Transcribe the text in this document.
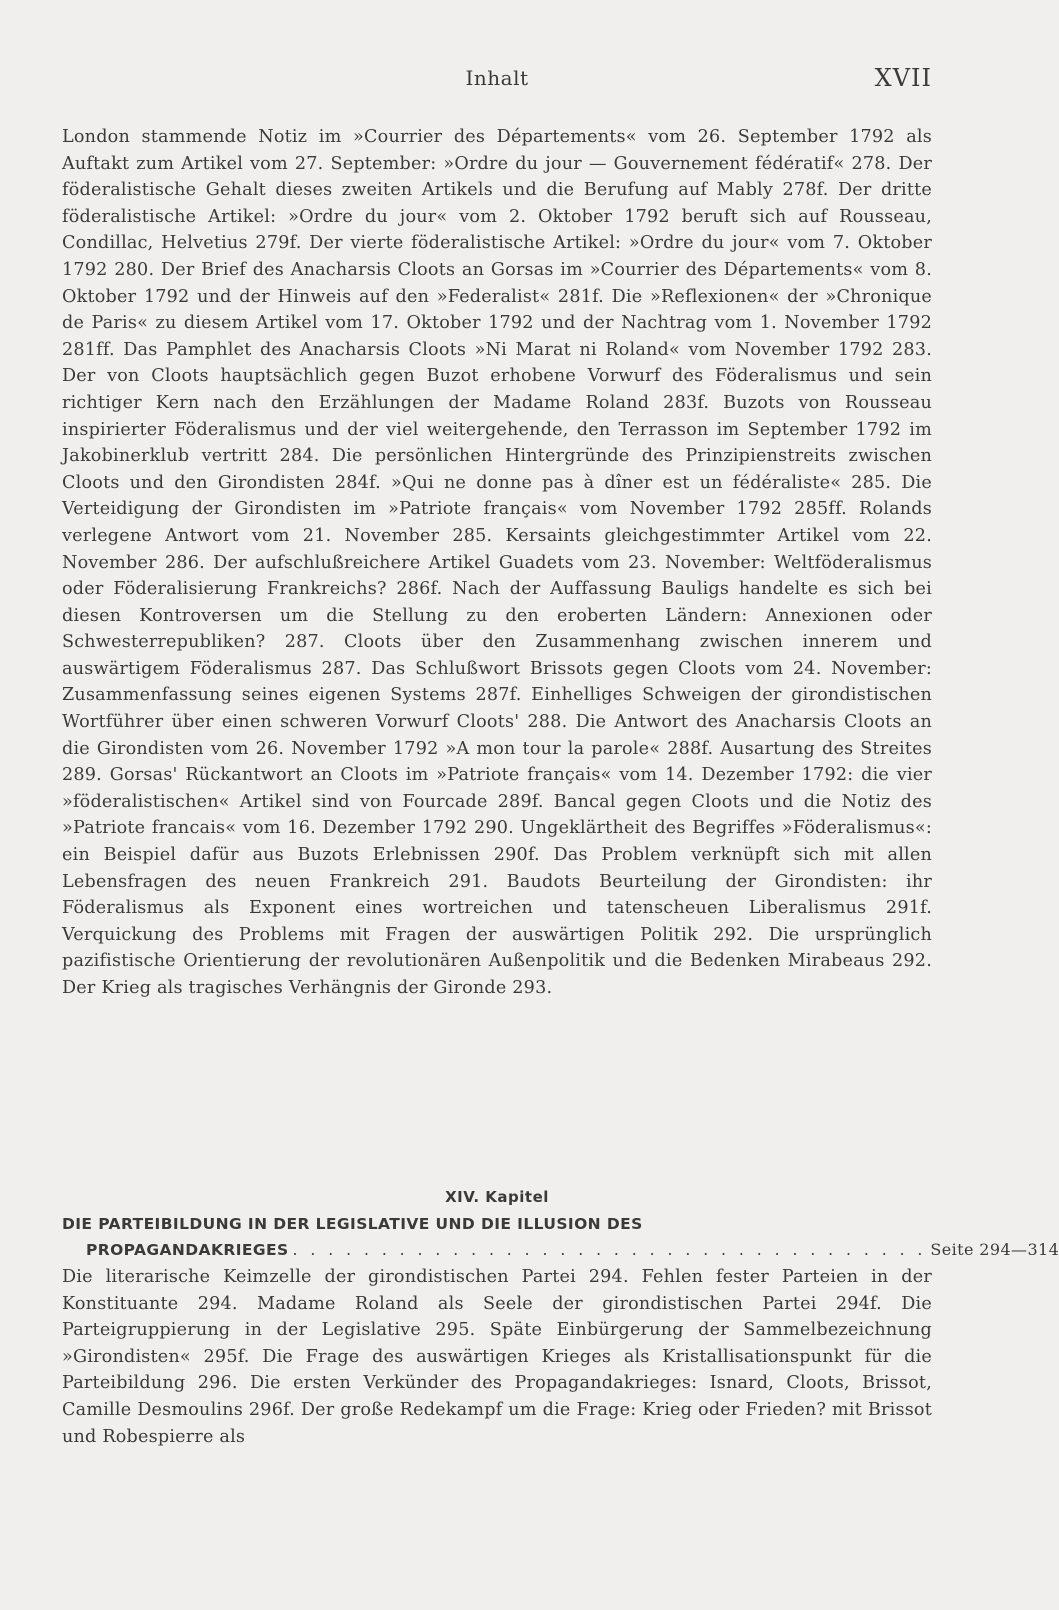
Inhalt	XVII
London stammende Notiz im »Courrier des Départements« vom 26. September 1792 als Auftakt zum Artikel vom 27. September: »Ordre du jour — Gouvernement fédératif« 278. Der föderalistische Gehalt dieses zweiten Artikels und die Berufung auf Mably 278f. Der dritte föderalistische Artikel: »Ordre du jour« vom 2. Oktober 1792 beruft sich auf Rousseau, Condillac, Helvetius 279f. Der vierte föderalistische Artikel: »Ordre du jour« vom 7. Oktober 1792 280. Der Brief des Anacharsis Cloots an Gorsas im »Courrier des Départements« vom 8. Oktober 1792 und der Hinweis auf den »Federalist« 281f. Die »Reflexionen« der »Chronique de Paris« zu diesem Artikel vom 17. Oktober 1792 und der Nachtrag vom 1. November 1792 281ff. Das Pamphlet des Anacharsis Cloots »Ni Marat ni Roland« vom November 1792 283. Der von Cloots hauptsächlich gegen Buzot erhobene Vorwurf des Föderalismus und sein richtiger Kern nach den Erzählungen der Madame Roland 283f. Buzots von Rousseau inspirierter Föderalismus und der viel weitergehende, den Terrasson im September 1792 im Jakobinerklub vertritt 284. Die persönlichen Hintergründe des Prinzipienstreits zwischen Cloots und den Girondisten 284f. »Qui ne donne pas à dîner est un fédéraliste« 285. Die Verteidigung der Girondisten im »Patriote français« vom November 1792 285ff. Rolands verlegene Antwort vom 21. November 285. Kersaints gleichgestimmter Artikel vom 22. November 286. Der aufschlußreichere Artikel Guadets vom 23. November: Weltföderalismus oder Föderalisierung Frankreichs? 286f. Nach der Auffassung Bauligs handelte es sich bei diesen Kontroversen um die Stellung zu den eroberten Ländern: Annexionen oder Schwesterrepubliken? 287. Cloots über den Zusammenhang zwischen innerem und auswärtigem Föderalismus 287. Das Schlußwort Brissots gegen Cloots vom 24. November: Zusammenfassung seines eigenen Systems 287f. Einhelliges Schweigen der girondistischen Wortführer über einen schweren Vorwurf Cloots' 288. Die Antwort des Anacharsis Cloots an die Girondisten vom 26. November 1792 »A mon tour la parole« 288f. Ausartung des Streites 289. Gorsas' Rückantwort an Cloots im »Patriote français« vom 14. Dezember 1792: die vier »föderalistischen« Artikel sind von Fourcade 289f. Bancal gegen Cloots und die Notiz des »Patriote francais« vom 16. Dezember 1792 290. Ungeklärtheit des Begriffes »Föderalismus«: ein Beispiel dafür aus Buzots Erlebnissen 290f. Das Problem verknüpft sich mit allen Lebensfragen des neuen Frankreich 291. Baudots Beurteilung der Girondisten: ihr Föderalismus als Exponent eines wortreichen und tatenscheuen Liberalismus 291f. Verquickung des Problems mit Fragen der auswärtigen Politik 292. Die ursprünglich pazifistische Orientierung der revolutionären Außenpolitik und die Bedenken Mirabeaus 292. Der Krieg als tragisches Verhängnis der Gironde 293.
XIV. Kapitel
DIE PARTEIBILDUNG IN DER LEGISLATIVE UND DIE ILLUSION DES
PROPAGANDAKRIEGES . . . . . . . . . . . . . . . . . . . . . . . . . . . . . . . . . . . . Seite 294—314
Die literarische Keimzelle der girondistischen Partei 294. Fehlen fester Parteien in der Konstituante 294. Madame Roland als Seele der girondistischen Partei 294f. Die Parteigruppierung in der Legislative 295. Späte Einbürgerung der Sammelbezeichnung »Girondisten« 295f. Die Frage des auswärtigen Krieges als Kristallisationspunkt für die Parteibildung 296. Die ersten Verkünder des Propagandakrieges: Isnard, Cloots, Brissot, Camille Desmoulins 296f. Der große Redekampf um die Frage: Krieg oder Frieden? mit Brissot und Robespierre als
